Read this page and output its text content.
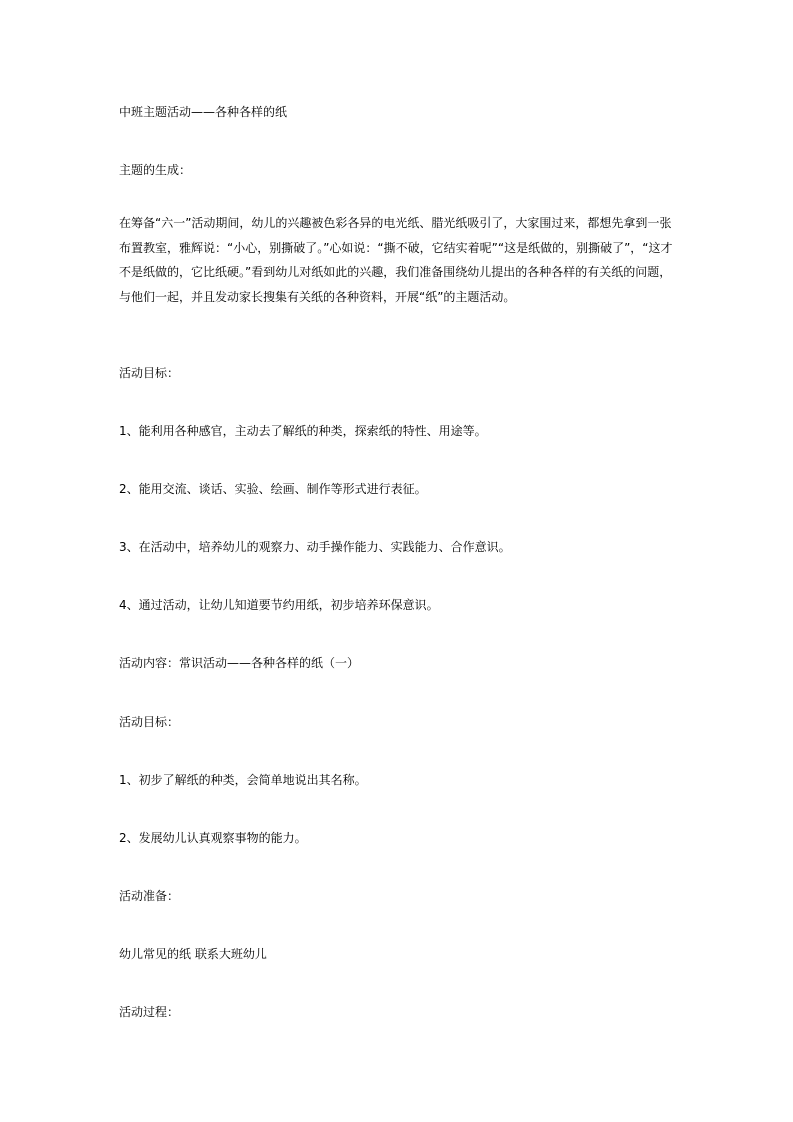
中班主题活动——各种各样的纸

主题的生成：

在筹备“六一”活动期间，幼儿的兴趣被色彩各异的电光纸、腊光纸吸引了，大家围过来，都想先拿到一张
布置教室，雅辉说：“小心，别撕破了。”心如说：“撕不破，它结实着呢”“这是纸做的，别撕破了”，“这才
不是纸做的，它比纸硬。”看到幼儿对纸如此的兴趣，我们准备围绕幼儿提出的各种各样的有关纸的问题，
与他们一起，并且发动家长搜集有关纸的各种资料，开展“纸”的主题活动。

活动目标：

1、能利用各种感官，主动去了解纸的种类，探索纸的特性、用途等。

2、能用交流、谈话、实验、绘画、制作等形式进行表征。

3、在活动中，培养幼儿的观察力、动手操作能力、实践能力、合作意识。

4、通过活动，让幼儿知道要节约用纸，初步培养环保意识。

活动内容：常识活动——各种各样的纸（一）

活动目标：

1、初步了解纸的种类，会简单地说出其名称。

2、发展幼儿认真观察事物的能力。

活动准备：

幼儿常见的纸 联系大班幼儿

活动过程：
